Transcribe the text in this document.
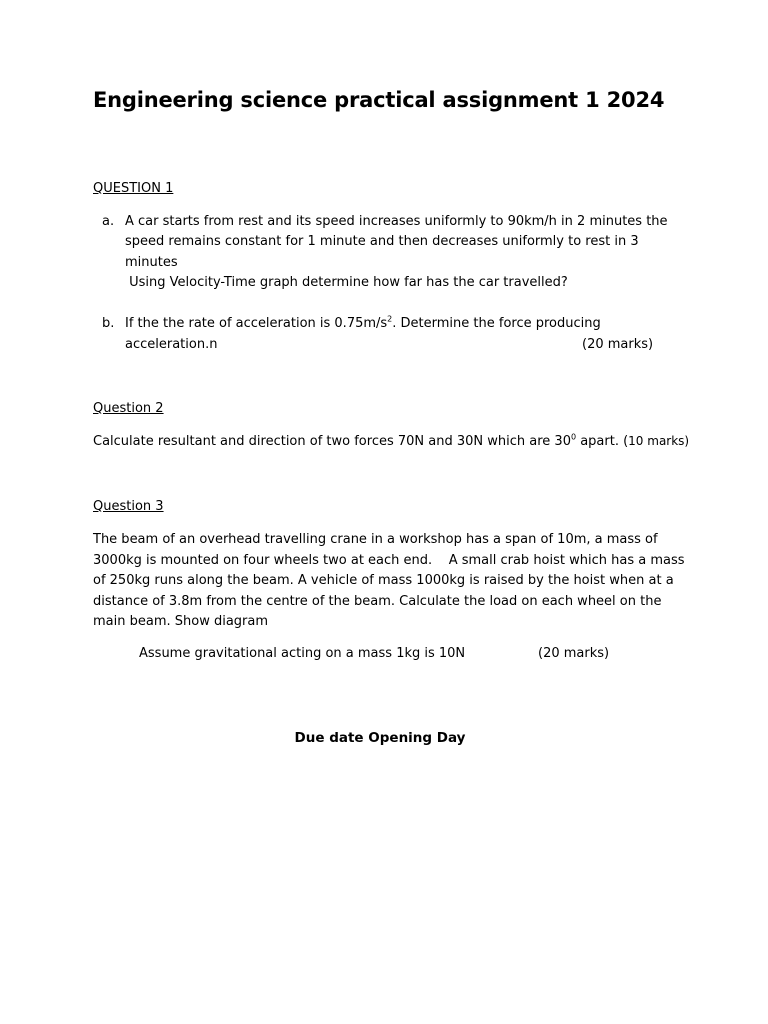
Engineering science practical assignment 1 2024
QUESTION 1
a. A car starts from rest and its speed increases uniformly to 90km/h in 2 minutes the
speed remains constant for 1 minute and then decreases uniformly to rest in 3
minutes
Using Velocity-Time graph determine how far has the car travelled?
b. If the the rate of acceleration is $0.75m/s^2$. Determine the force producing
acceleration.n	(20 marks)
Question 2
Calculate resultant and direction of two forces 70N and 30N which are $30^0$ apart. (10 marks)
Question 3
The beam of an overhead travelling crane in a workshop has a span of 10m, a mass of
3000kg is mounted on four wheels two at each end.    A small crab hoist which has a mass
of 250kg runs along the beam. A vehicle of mass 1000kg is raised by the hoist when at a
distance of 3.8m from the centre of the beam. Calculate the load on each wheel on the
main beam. Show diagram
Assume gravitational acting on a mass 1kg is 10N	(20 marks)
Due date Opening Day
